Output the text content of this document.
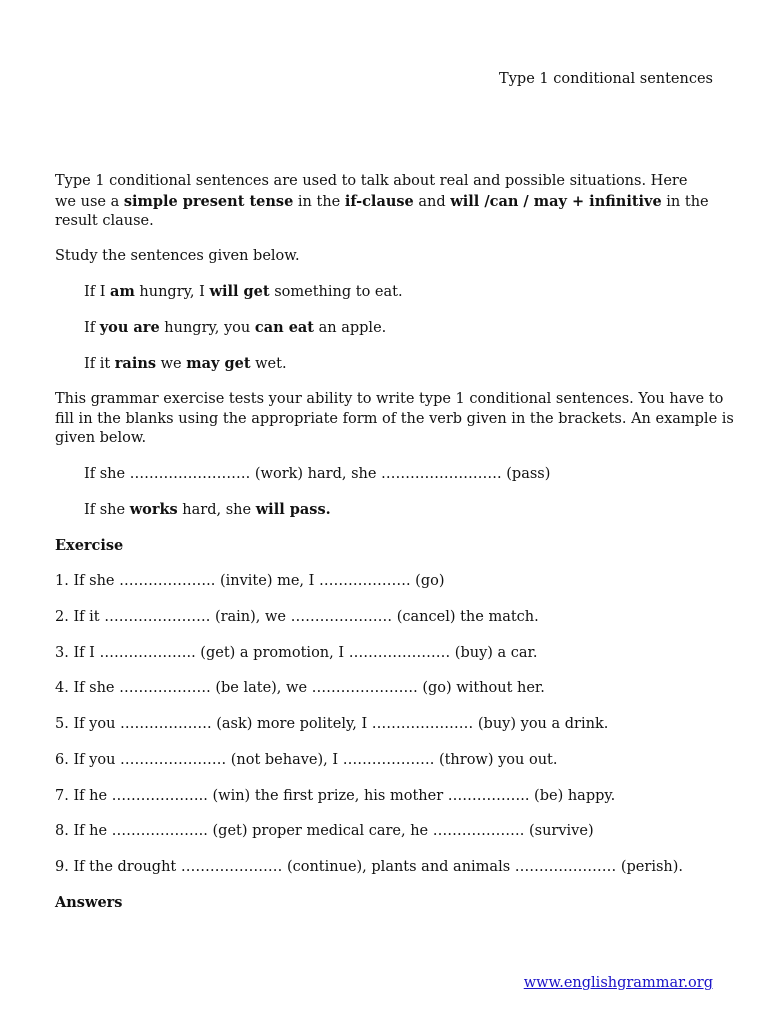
Type 1 conditional sentences

Type 1 conditional sentences are used to talk about real and possible situations. Here we use a simple present tense in the if-clause and will /can / may + infinitive in the result clause.

Study the sentences given below.
If I am hungry, I will get something to eat.
If you are hungry, you can eat an apple.
If it rains we may get wet.
This grammar exercise tests your ability to write type 1 conditional sentences. You have to
fill in the blanks using the appropriate form of the verb given in the brackets. An example is
given below.
If she ……………………. (work) hard, she ……………………. (pass)
If she works hard, she will pass.
Exercise
1. If she ……………….. (invite) me, I ………………. (go)
2. If it …………………. (rain), we ………………… (cancel) the match.
3. If I ……………….. (get) a promotion, I ………………… (buy) a car.
4. If she ………………. (be late), we …………………. (go) without her.
5. If you ………………. (ask) more politely, I ………………… (buy) you a drink.
6. If you …………………. (not behave), I ………………. (throw) you out.
7. If he ……………….. (win) the first prize, his mother …………….. (be) happy.
8. If he ……………….. (get) proper medical care, he ………………. (survive)
9. If the drought ………………… (continue), plants and animals ………………… (perish).
Answers
www.englishgrammar.org
